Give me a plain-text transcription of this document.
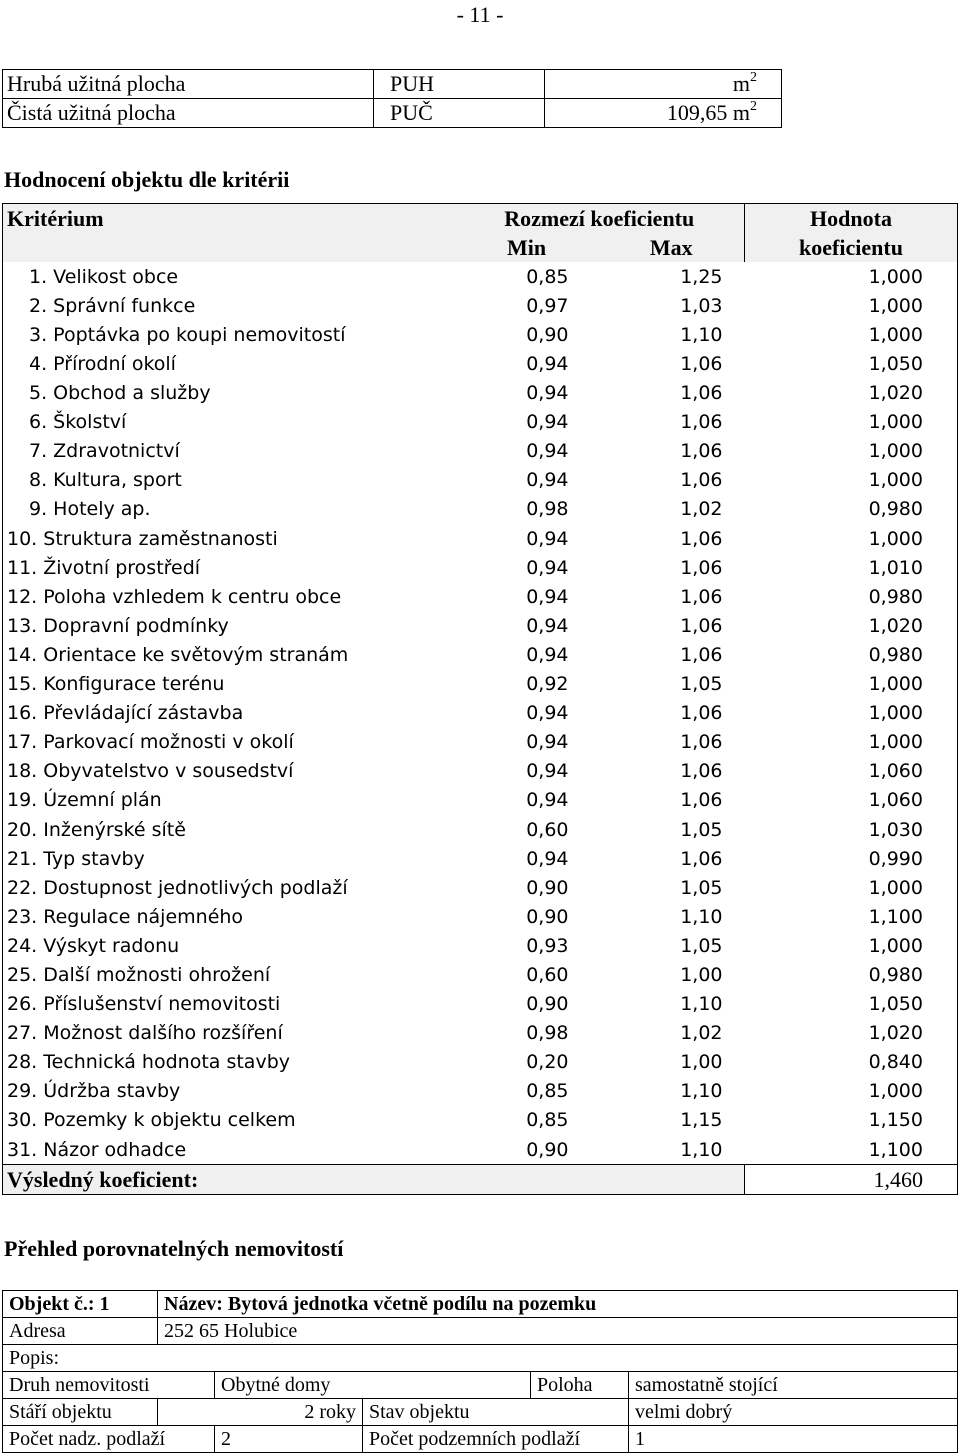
- 11 -
Hrubá užitná plocha	PUH	$m^2$
Čistá užitná plocha	PUČ	109,65 $m^2$
Hodnocení objektu dle kritérii
Kritérium	Rozmezí koeficientu		Hodnota
	Min	Max	koeficientu
1. Velikost obce	0,85	1,25	1,000
2. Správní funkce	0,97	1,03	1,000
3. Poptávka po koupi nemovitostí	0,90	1,10	1,000
4. Přírodní okolí	0,94	1,06	1,050
5. Obchod a služby	0,94	1,06	1,020
6. Školství	0,94	1,06	1,000
7. Zdravotnictví	0,94	1,06	1,000
8. Kultura, sport	0,94	1,06	1,000
9. Hotely ap.	0,98	1,02	0,980
10. Struktura zaměstnanosti	0,94	1,06	1,000
11. Životní prostředí	0,94	1,06	1,010
12. Poloha vzhledem k centru obce	0,94	1,06	0,980
13. Dopravní podmínky	0,94	1,06	1,020
14. Orientace ke světovým stranám	0,94	1,06	0,980
15. Konfigurace terénu	0,92	1,05	1,000
16. Převládající zástavba	0,94	1,06	1,000
17. Parkovací možnosti v okolí	0,94	1,06	1,000
18. Obyvatelstvo v sousedství	0,94	1,06	1,060
19. Územní plán	0,94	1,06	1,060
20. Inženýrské sítě	0,60	1,05	1,030
21. Typ stavby	0,94	1,06	0,990
22. Dostupnost jednotlivých podlaží	0,90	1,05	1,000
23. Regulace nájemného	0,90	1,10	1,100
24. Výskyt radonu	0,93	1,05	1,000
25. Další možnosti ohrožení	0,60	1,00	0,980
26. Příslušenství nemovitosti	0,90	1,10	1,050
27. Možnost dalšího rozšíření	0,98	1,02	1,020
28. Technická hodnota stavby	0,20	1,00	0,840
29. Údržba stavby	0,85	1,10	1,000
30. Pozemky k objektu celkem	0,85	1,15	1,150
31. Názor odhadce	0,90	1,10	1,100
Výsledný koeficient:			1,460
Přehled porovnatelných nemovitostí
Objekt č.: 1	Název: Bytová jednotka včetně podílu na pozemku				
Adresa	252 65 Holubice				
Popis:					
Druh nemovitosti		Obytné domy		Poloha	samostatně stojící
Stáří objektu	2 roky		Stav objektu		velmi dobrý
Počet nadz. podlaží		2	Počet podzemních podlaží		1
